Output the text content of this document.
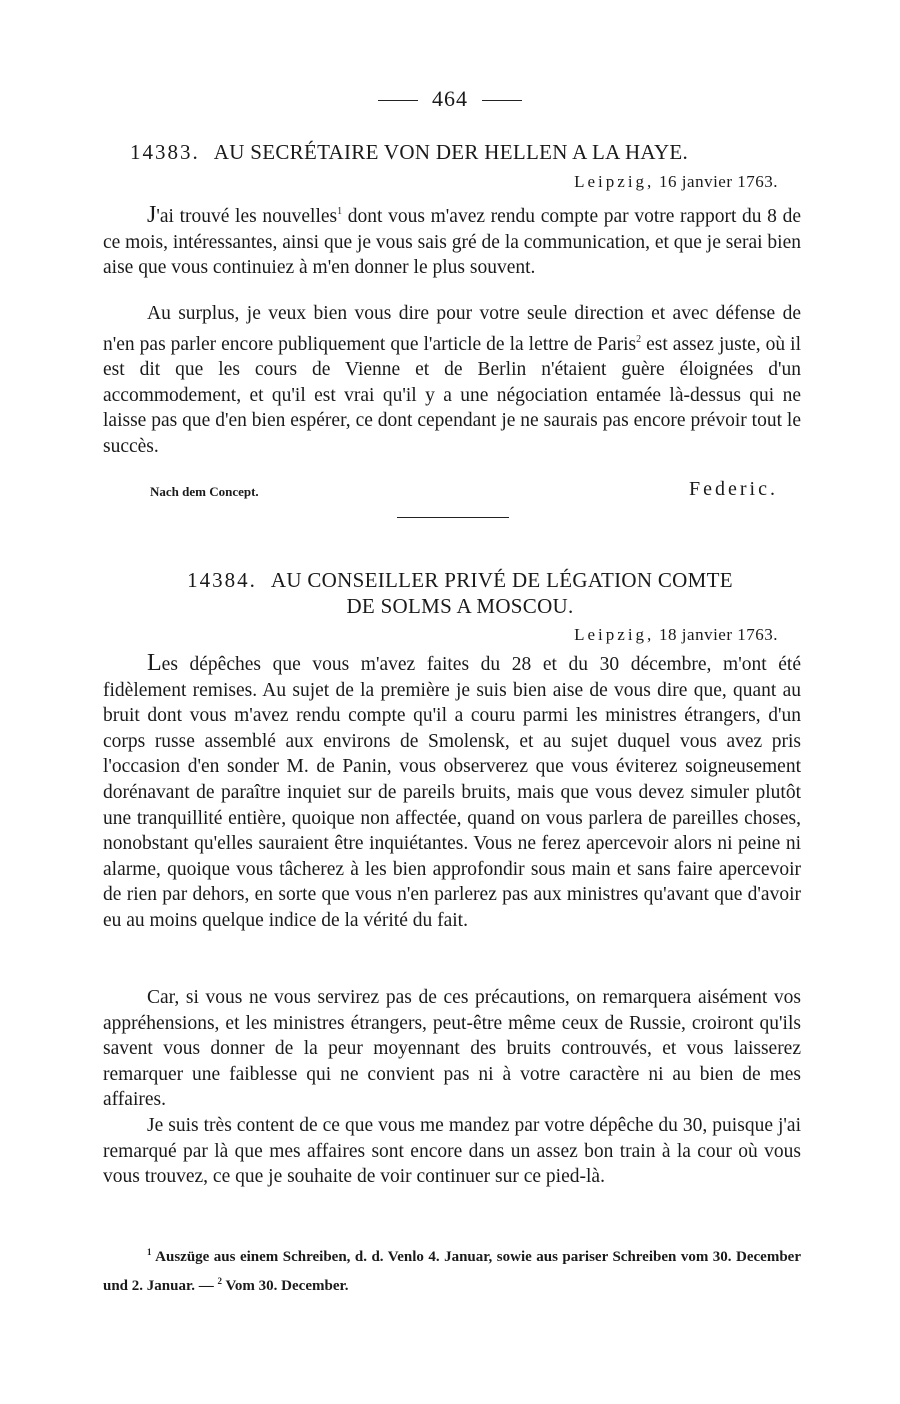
464
14383. AU SECRÉTAIRE VON DER HELLEN A LA HAYE.
Leipzig, 16 janvier 1763.

J'ai trouvé les nouvelles$^1$ dont vous m'avez rendu compte par votre rapport du 8 de ce mois, intéressantes, ainsi que je vous sais gré de la communication, et que je serai bien aise que vous continuiez à m'en donner le plus souvent.

Au surplus, je veux bien vous dire pour votre seule direction et avec défense de n'en pas parler encore publiquement que l'article de la lettre de Paris$^2$ est assez juste, où il est dit que les cours de Vienne et de Berlin n'étaient guère éloignées d'un accommodement, et qu'il est vrai qu'il y a une négociation entamée là-dessus qui ne laisse pas que d'en bien espérer, ce dont cependant je ne saurais pas encore prévoir tout le succès.

Nach dem Concept.	Federic.
14384. AU CONSEILLER PRIVÉ DE LÉGATION COMTE
DE SOLMS A MOSCOU.
Leipzig, 18 janvier 1763.

Les dépêches que vous m'avez faites du 28 et du 30 décembre, m'ont été fidèlement remises. Au sujet de la première je suis bien aise de vous dire que, quant au bruit dont vous m'avez rendu compte qu'il a couru parmi les ministres étrangers, d'un corps russe assemblé aux environs de Smolensk, et au sujet duquel vous avez pris l'occasion d'en sonder M. de Panin, vous observerez que vous éviterez soigneusement dorénavant de paraître inquiet sur de pareils bruits, mais que vous devez simuler plutôt une tranquillité entière, quoique non affectée, quand on vous parlera de pareilles choses, nonobstant qu'elles sauraient être inquiétantes. Vous ne ferez apercevoir alors ni peine ni alarme, quoique vous tâcherez à les bien approfondir sous main et sans faire apercevoir de rien par dehors, en sorte que vous n'en parlerez pas aux ministres qu'avant que d'avoir eu au moins quelque indice de la vérité du fait.

Car, si vous ne vous servirez pas de ces précautions, on remarquera aisément vos appréhensions, et les ministres étrangers, peut-être même ceux de Russie, croiront qu'ils savent vous donner de la peur moyennant des bruits controuvés, et vous laisserez remarquer une faiblesse qui ne convient pas ni à votre caractère ni au bien de mes affaires.

Je suis très content de ce que vous me mandez par votre dépêche du 30, puisque j'ai remarqué par là que mes affaires sont encore dans un assez bon train à la cour où vous vous trouvez, ce que je souhaite de voir continuer sur ce pied-là.

$^1$ Auszüge aus einem Schreiben, d. d. Venlo 4. Januar, sowie aus pariser Schreiben vom 30. December und 2. Januar. — $^2$ Vom 30. December.
